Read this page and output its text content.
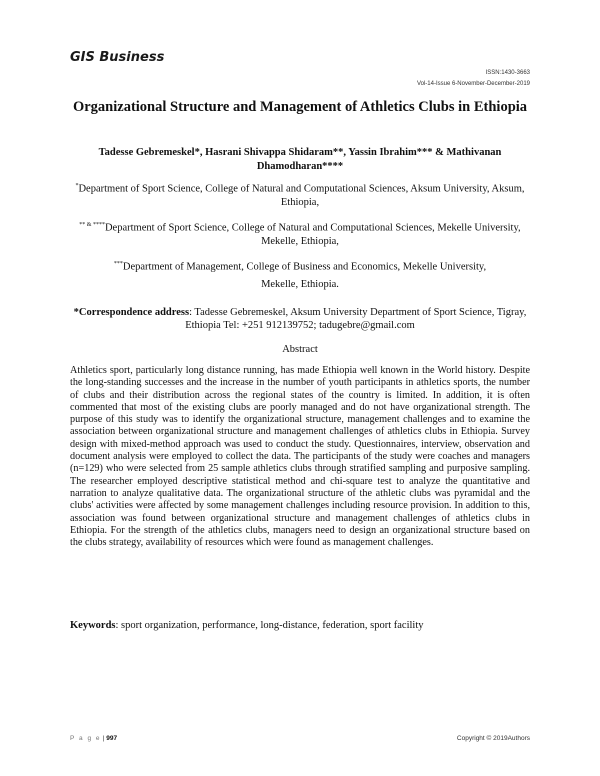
GIS Business
ISSN:1430-3663
Vol-14-Issue 6-November-December-2019
Organizational Structure and Management of Athletics Clubs in Ethiopia
Tadesse Gebremeskel*, Hasrani Shivappa Shidaram**, Yassin Ibrahim*** & Mathivanan Dhamodharan****
*Department of Sport Science, College of Natural and Computational Sciences, Aksum University, Aksum, Ethiopia,
** & ****Department of Sport Science, College of Natural and Computational Sciences, Mekelle University, Mekelle, Ethiopia,
***Department of Management, College of Business and Economics, Mekelle University,
Mekelle, Ethiopia.
*Correspondence address: Tadesse Gebremeskel, Aksum University Department of Sport Science, Tigray, Ethiopia Tel: +251 912139752; tadugebre@gmail.com
Abstract
Athletics sport, particularly long distance running, has made Ethiopia well known in the World history. Despite the long-standing successes and the increase in the number of youth participants in athletics sports, the number of clubs and their distribution across the regional states of the country is limited. In addition, it is often commented that most of the existing clubs are poorly managed and do not have organizational strength. The purpose of this study was to identify the organizational structure, management challenges and to examine the association between organizational structure and management challenges of athletics clubs in Ethiopia. Survey design with mixed-method approach was used to conduct the study. Questionnaires, interview, observation and document analysis were employed to collect the data. The participants of the study were coaches and managers (n=129) who were selected from 25 sample athletics clubs through stratified sampling and purposive sampling. The researcher employed descriptive statistical method and chi-square test to analyze the quantitative and narration to analyze qualitative data. The organizational structure of the athletic clubs was pyramidal and the clubs' activities were affected by some management challenges including resource provision. In addition to this, association was found between organizational structure and management challenges of athletics clubs in Ethiopia. For the strength of the athletics clubs, managers need to design an organizational structure based on the clubs strategy, availability of resources which were found as management challenges.
Keywords: sport organization, performance, long-distance, federation, sport facility
P a g e | 997	Copyright © 2019Authors
